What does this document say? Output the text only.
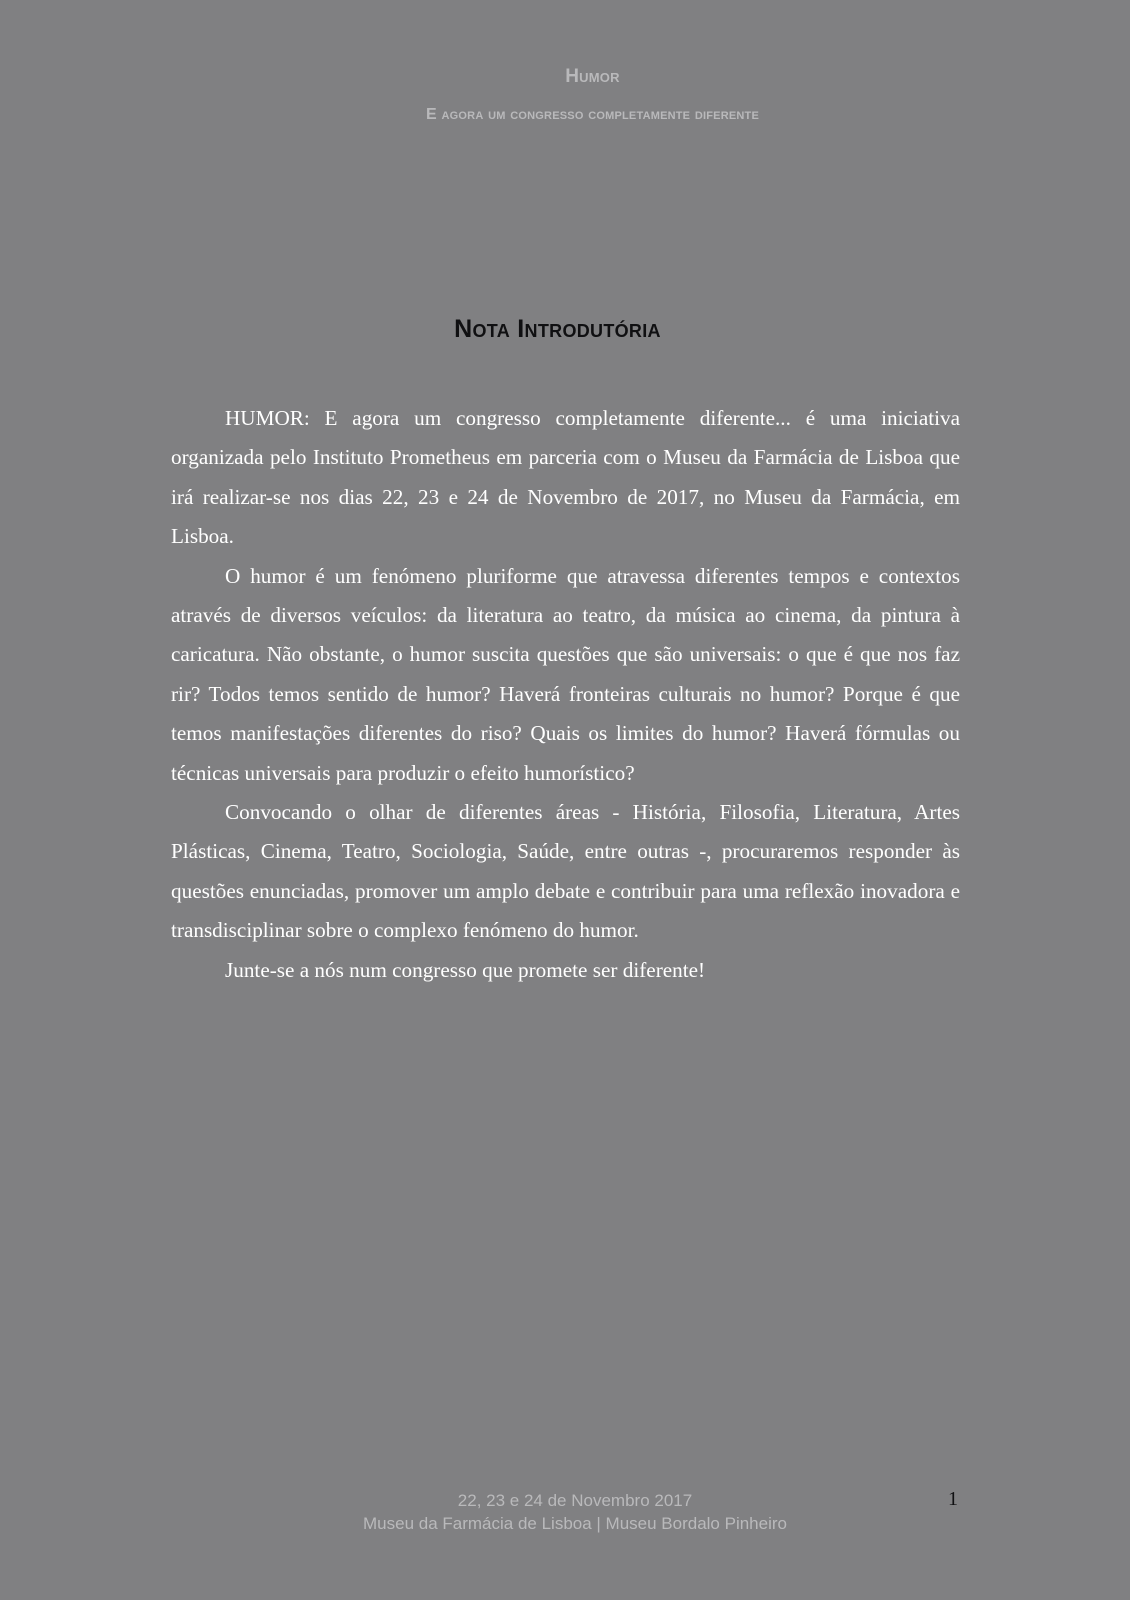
Humor
E agora um congresso completamente diferente
Nota Introdutória

HUMOR: E agora um congresso completamente diferente... é uma iniciativa organizada pelo Instituto Prometheus em parceria com o Museu da Farmácia de Lisboa que irá realizar-se nos dias 22, 23 e 24 de Novembro de 2017, no Museu da Farmácia, em Lisboa.

O humor é um fenómeno pluriforme que atravessa diferentes tempos e contextos através de diversos veículos: da literatura ao teatro, da música ao cinema, da pintura à caricatura. Não obstante, o humor suscita questões que são universais: o que é que nos faz rir? Todos temos sentido de humor? Haverá fronteiras culturais no humor? Porque é que temos manifestações diferentes do riso? Quais os limites do humor? Haverá fórmulas ou técnicas universais para produzir o efeito humorístico?

Convocando o olhar de diferentes áreas - História, Filosofia, Literatura, Artes Plásticas, Cinema, Teatro, Sociologia, Saúde, entre outras -, procuraremos responder às questões enunciadas, promover um amplo debate e contribuir para uma reflexão inovadora e transdisciplinar sobre o complexo fenómeno do humor.

Junte-se a nós num congresso que promete ser diferente!

22, 23 e 24 de Novembro 2017
Museu da Farmácia de Lisboa | Museu Bordalo Pinheiro
1
